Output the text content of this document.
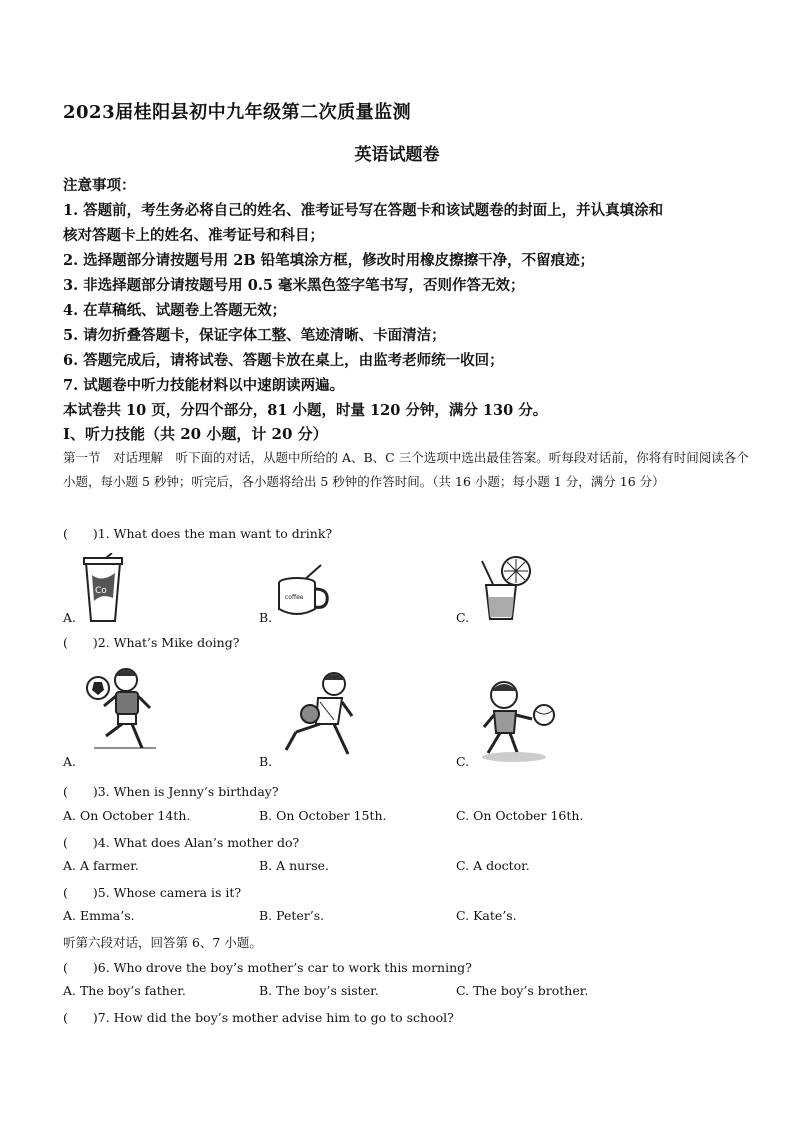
2023届桂阳县初中九年级第二次质量监测
英语试题卷
注意事项：
1. 答题前，考生务必将自己的姓名、准考证号写在答题卡和该试题卷的封面上，并认真填涂和
核对答题卡上的姓名、准考证号和科目；
2. 选择题部分请按题号用 2B 铅笔填涂方框，修改时用橡皮擦擦干净，不留痕迹；
3. 非选择题部分请按题号用 0.5 毫米黑色签字笔书写，否则作答无效；
4. 在草稿纸、试题卷上答题无效；
5. 请勿折叠答题卡，保证字体工整、笔迹清晰、卡面清洁；
6. 答题完成后，请将试卷、答题卡放在桌上，由监考老师统一收回；
7. 试题卷中听力技能材料以中速朗读两遍。
本试卷共 10 页，分四个部分，81 小题，时量 120 分钟，满分 130 分。
Ⅰ、听力技能（共 20 小题，计 20 分）
第一节　对话理解　听下面的对话，从题中所给的 A、B、C 三个选项中选出最佳答案。听每段对话前，你将有时间阅读各个小题，每小题 5 秒钟；听完后，各小题将给出 5 秒钟的作答时间。（共 16 小题；每小题 1 分，满分 16 分）
(　　)1. What does the man want to drink?
Co
A.
coffee
B.	C.
(　　)2. What’s Mike doing?
A.	B.	C.
(　　)3. When is Jenny’s birthday?
A. On October 14th.	B. On October 15th.	C. On October 16th.
(　　)4. What does Alan’s mother do?
A. A farmer.	B. A nurse.	C. A doctor.
(　　)5. Whose camera is it?
A. Emma’s.	B. Peter’s.	C. Kate’s.
听第六段对话，回答第 6、7 小题。
(　　)6. Who drove the boy’s mother’s car to work this morning?
A. The boy’s father.	B. The boy’s sister.	C. The boy’s brother.
(　　)7. How did the boy’s mother advise him to go to school?
